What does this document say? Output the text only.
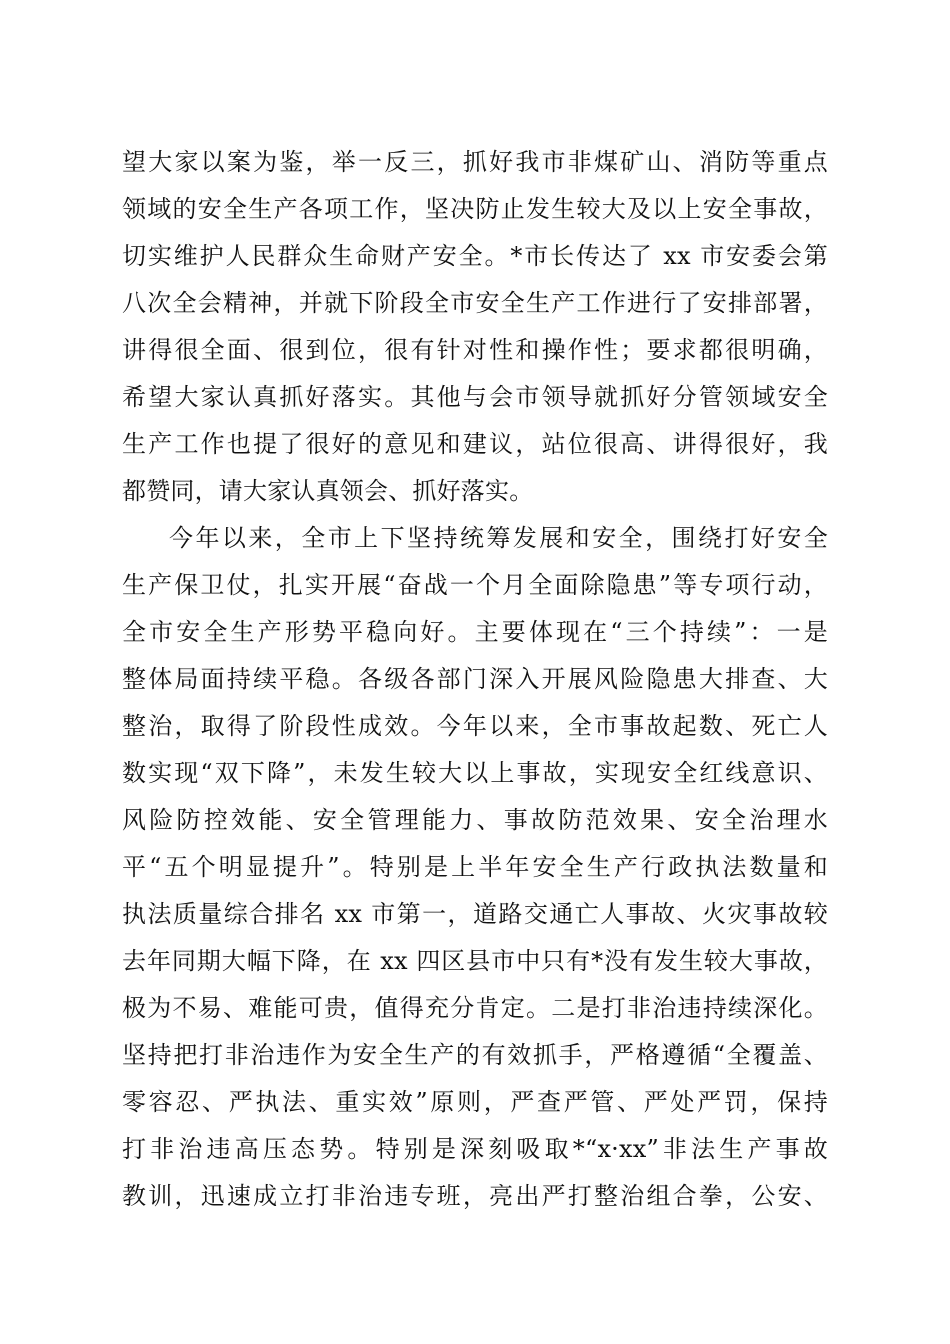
望大家以案为鉴，举一反三，抓好我市非煤矿山、消防等重点
领域的安全生产各项工作，坚决防止发生较大及以上安全事故，
切实维护人民群众生命财产安全。*市长传达了 xx 市安委会第
八次全会精神，并就下阶段全市安全生产工作进行了安排部署，
讲得很全面、很到位，很有针对性和操作性；要求都很明确，
希望大家认真抓好落实。其他与会市领导就抓好分管领域安全
生产工作也提了很好的意见和建议，站位很高、讲得很好，我
都赞同，请大家认真领会、抓好落实。
今年以来，全市上下坚持统筹发展和安全，围绕打好安全
生产保卫仗，扎实开展“奋战一个月全面除隐患”等专项行动，
全市安全生产形势平稳向好。主要体现在“三个持续”：一是
整体局面持续平稳。各级各部门深入开展风险隐患大排查、大
整治，取得了阶段性成效。今年以来，全市事故起数、死亡人
数实现“双下降”，未发生较大以上事故，实现安全红线意识、
风险防控效能、安全管理能力、事故防范效果、安全治理水
平“五个明显提升”。特别是上半年安全生产行政执法数量和
执法质量综合排名 xx 市第一，道路交通亡人事故、火灾事故较
去年同期大幅下降，在 xx 四区县市中只有*没有发生较大事故，
极为不易、难能可贵，值得充分肯定。二是打非治违持续深化。
坚持把打非治违作为安全生产的有效抓手，严格遵循“全覆盖、
零容忍、严执法、重实效”原则，严查严管、严处严罚，保持
打非治违高压态势。特别是深刻吸取*“x·xx”非法生产事故
教训，迅速成立打非治违专班，亮出严打整治组合拳，公安、
